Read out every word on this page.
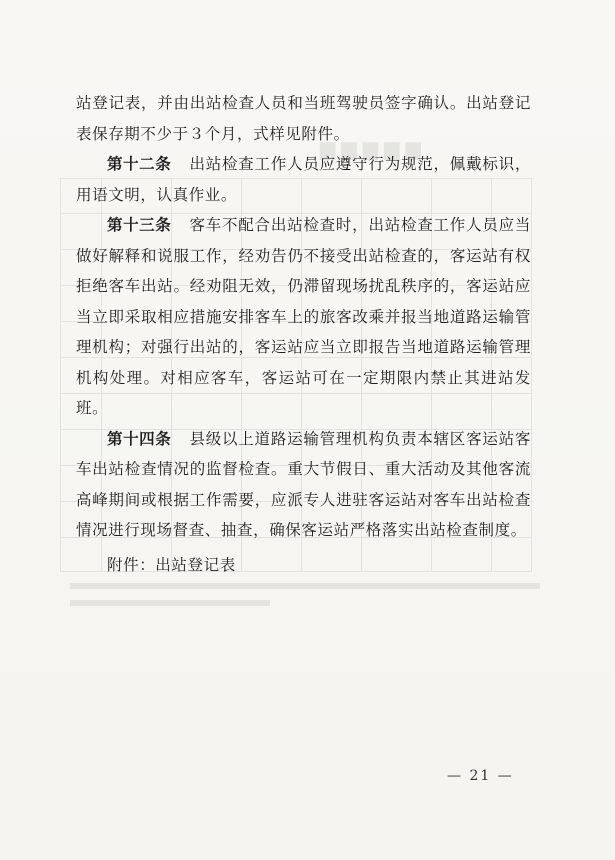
▆▆▆▆▆

站登记表，并由出站检查人员和当班驾驶员签字确认。出站登记表保存期不少于３个月，式样见附件。

第十二条 出站检查工作人员应遵守行为规范，佩戴标识，用语文明，认真作业。

第十三条 客车不配合出站检查时，出站检查工作人员应当做好解释和说服工作，经劝告仍不接受出站检查的，客运站有权拒绝客车出站。经劝阻无效，仍滞留现场扰乱秩序的，客运站应当立即采取相应措施安排客车上的旅客改乘并报当地道路运输管理机构；对强行出站的，客运站应当立即报告当地道路运输管理机构处理。对相应客车，客运站可在一定期限内禁止其进站发班。

第十四条 县级以上道路运输管理机构负责本辖区客运站客车出站检查情况的监督检查。重大节假日、重大活动及其他客流高峰期间或根据工作需要，应派专人进驻客运站对客车出站检查情况进行现场督查、抽查，确保客运站严格落实出站检查制度。

附件：出站登记表
— 21 —
